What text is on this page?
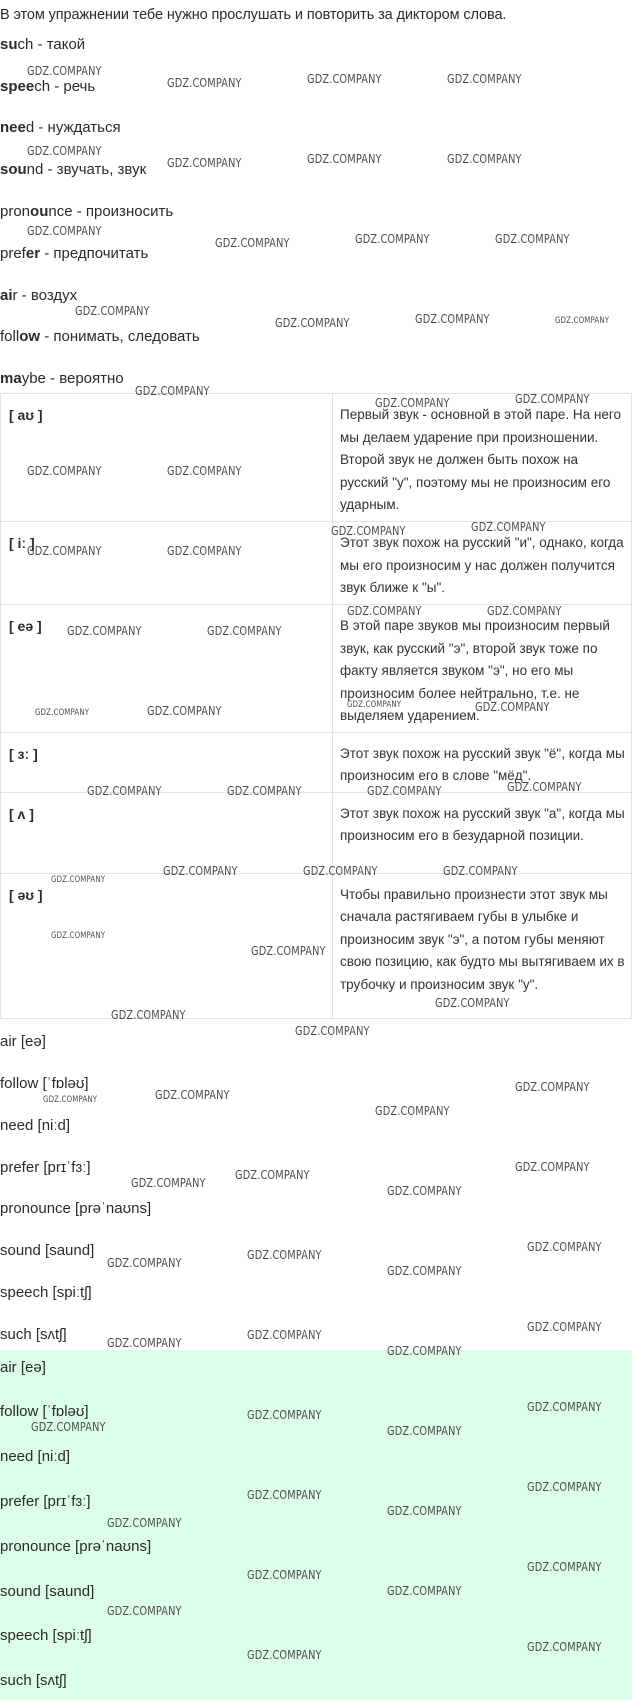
В этом упражнении тебе нужно прослушать и повторить за диктором слова.
such - такой
speech - речь
need - нуждаться
sound - звучать, звук
pronounce - произносить
prefer - предпочитать
air - воздух
follow - понимать, следовать
maybe - вероятно
[ aʊ ]	Первый звук - основной в этой паре. На него мы делаем ударение при произношении. Второй звук не должен быть похож на русский "у", поэтому мы не произносим его ударным.
[ iː ]	Этот звук похож на русский "и", однако, когда мы его произносим у нас должен получится звук ближе к "ы".
[ eə ]	В этой паре звуков мы произносим первый звук, как русский "э", второй звук тоже по факту является звуком "э", но его мы произносим более нейтрально, т.е. не выделяем ударением.
[ ɜː ]	Этот звук похож на русский звук "ё", когда мы произносим его в слове "мёд".
[ ʌ ]	Этот звук похож на русский звук "а", когда мы произносим его в безударной позиции.
[ əʊ ]	Чтобы правильно произнести этот звук мы сначала растягиваем губы в улыбке и произносим звук "э", а потом губы меняют свою позицию, как будто мы вытягиваем их в трубочку и произносим звук "у".
air [eə]
follow [ˈfɒləʊ]
need [niːd]
prefer [prɪˈfɜː]
pronounce [prəˈnaʊns]
sound [saund]
speech [spiːtʃ]
such [sʌtʃ]
air [eə]
follow [ˈfɒləʊ]
need [niːd]
prefer [prɪˈfɜː]
pronounce [prəˈnaʊns]
sound [saund]
speech [spiːtʃ]
such [sʌtʃ]
GDZ.COMPANY
GDZ.COMPANY	GDZ.COMPANY	GDZ.COMPANY
GDZ.COMPANY
GDZ.COMPANY	GDZ.COMPANY	GDZ.COMPANY
GDZ.COMPANY
GDZ.COMPANY	GDZ.COMPANY	GDZ.COMPANY
GDZ.COMPANY
GDZ.COMPANY	GDZ.COMPANY	GDZ.COMPANY
GDZ.COMPANY
GDZ.COMPANY	GDZ.COMPANY
GDZ.COMPANY	GDZ.COMPANY
GDZ.COMPANY	GDZ.COMPANY
GDZ.COMPANY	GDZ.COMPANY
GDZ.COMPANY	GDZ.COMPANY
GDZ.COMPANY	GDZ.COMPANY
GDZ.COMPANY	GDZ.COMPANY	GDZ.COMPANY
GDZ.COMPANY
GDZ.COMPANY	GDZ.COMPANY	GDZ.COMPANY	GDZ.COMPANY
GDZ.COMPANY
GDZ.COMPANY	GDZ.COMPANY	GDZ.COMPANY
GDZ.COMPANY
GDZ.COMPANY
GDZ.COMPANY
GDZ.COMPANY
GDZ.COMPANY
GDZ.COMPANY	GDZ.COMPANY
GDZ.COMPANY
GDZ.COMPANY
GDZ.COMPANY
GDZ.COMPANY
GDZ.COMPANY
GDZ.COMPANY
GDZ.COMPANY
GDZ.COMPANY
GDZ.COMPANY
GDZ.COMPANY
GDZ.COMPANY
GDZ.COMPANY
GDZ.COMPANY
GDZ.COMPANY
GDZ.COMPANY
GDZ.COMPANY
GDZ.COMPANY
GDZ.COMPANY
GDZ.COMPANY
GDZ.COMPANY
GDZ.COMPANY
GDZ.COMPANY
GDZ.COMPANY
GDZ.COMPANY
GDZ.COMPANY
GDZ.COMPANY
GDZ.COMPANY
GDZ.COMPANY
